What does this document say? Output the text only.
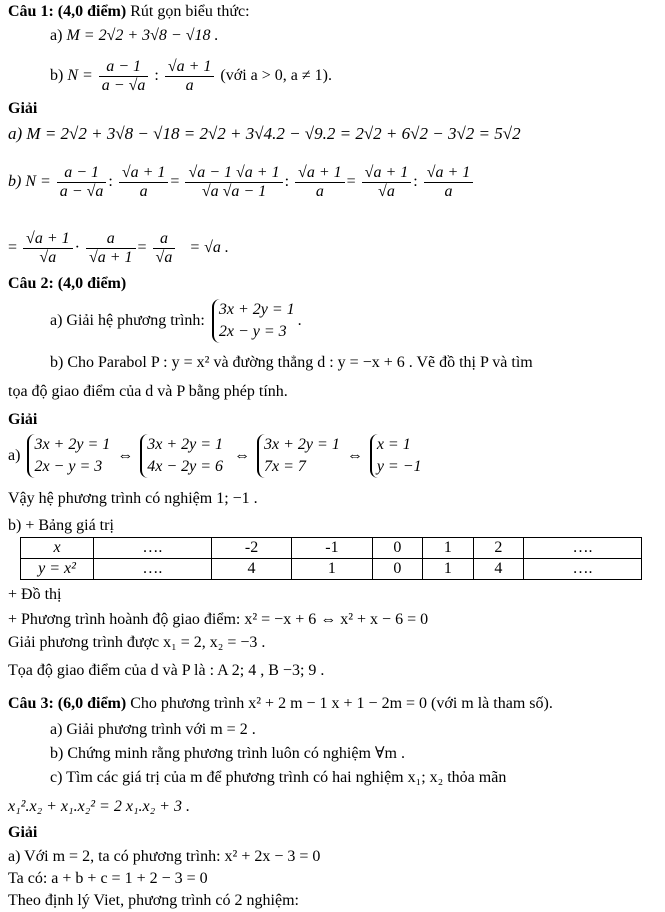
Câu 1: (4,0 điểm) Rút gọn biểu thức:
a) M = 2√2 + 3√8 − √18 .
b) $N = \frac{a - 1}{a - √a}$ : $\frac{√a + 1}{a}$ (với a > 0, a ≠ 1).
Giải
a) M = 2√2 + 3√8 − √18 = 2√2 + 3√4.2 − √9.2 = 2√2 + 6√2 − 3√2 = 5√2
b) $N = \frac{a - 1}{a - √a}$ : $\frac{√a + 1}{a} = \frac{√a - 1 √a + 1}{√a √a - 1}$ : $\frac{√a + 1}{a} = \frac{√a + 1}{√a}$ : $\frac{√a + 1}{a}$
= $\frac{√a + 1}{√a} \cdot \frac{a}{√a + 1} = \frac{a}{√a} = √a$ .
Câu 2: (4,0 điểm)
a) Giải hệ phương trình:
3x + 2y = 1
2x − y = 3
.
b) Cho Parabol P : y = x² và đường thẳng d : y = −x + 6 . Vẽ đồ thị P và tìm
tọa độ giao điểm của d và P bằng phép tính.
Giải
a)
3x + 2y = 1
2x − y = 3
⇔
3x + 2y = 1
4x − 2y = 6
⇔
3x + 2y = 1
7x = 7
⇔
x = 1
y = −1
Vậy hệ phương trình có nghiệm 1; −1 .
b) + Bảng giá trị
x	….	-2	-1	0	1	2	….
y = x²	….	4	1	0	1	4	….
+ Đồ thị
+ Phương trình hoành độ giao điểm: x² = −x + 6 ⇔ x² + x − 6 = 0
Giải phương trình được x₁ = 2, x₂ = −3 .
Tọa độ giao điểm của d và P là : A 2; 4 , B −3; 9 .
Câu 3: (6,0 điểm) Cho phương trình x² + 2 m − 1 x + 1 − 2m = 0 (với m là tham số).
a) Giải phương trình với m = 2 .
b) Chứng minh rằng phương trình luôn có nghiệm ∀m .
c) Tìm các giá trị của m để phương trình có hai nghiệm x₁; x₂ thỏa mãn
x₁².x₂ + x₁.x₂² = 2 x₁.x₂ + 3 .
Giải
a) Với m = 2, ta có phương trình: x² + 2x − 3 = 0
Ta có: a + b + c = 1 + 2 − 3 = 0
Theo định lý Viet, phương trình có 2 nghiệm:
